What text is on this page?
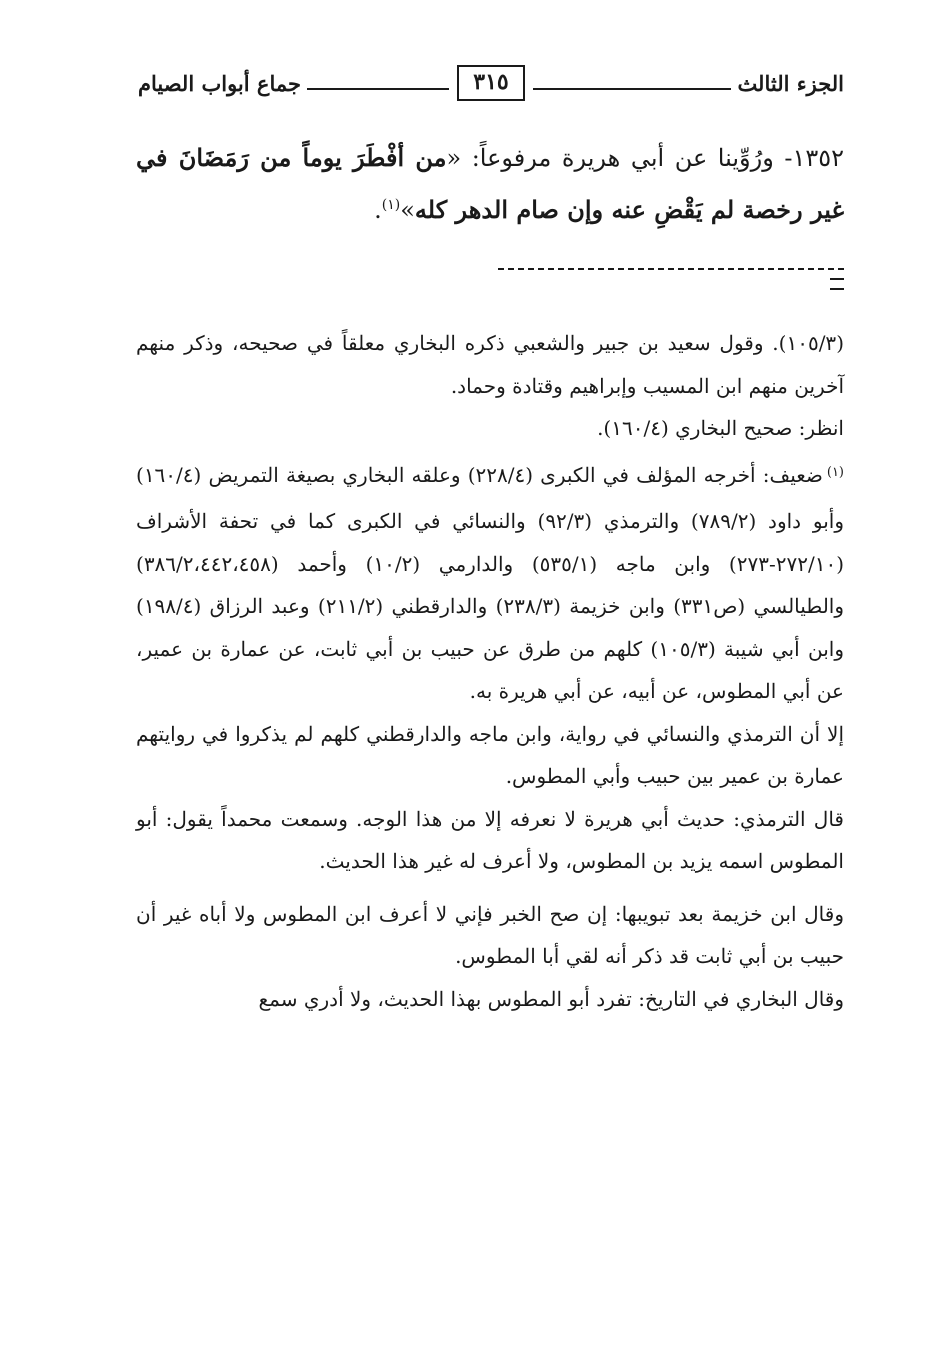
الجزء الثالث
٣١٥
جماع أبواب الصيام
١٣٥٢- ورُوِّينا عن أبي هريرة مرفوعاً: «من أفْطَرَ يوماً من رَمَضَانَ في غير رخصة لم يَقْضِ عنه وإن صام الدهر كله»$^{(١)}$.

(١٠٥/٣). وقول سعيد بن جبير والشعبي ذكره البخاري معلقاً في صحيحه، وذكر منهم آخرين منهم ابن المسيب وإبراهيم وقتادة وحماد.

انظر: صحيح البخاري (١٦٠/٤).

$^{(١)}$ضعيف: أخرجه المؤلف في الكبرى (٢٢٨/٤) وعلقه البخاري بصيغة التمريض (١٦٠/٤) وأبو داود (٧٨٩/٢) والترمذي (٩٢/٣) والنسائي في الكبرى كما في تحفة الأشراف (٢٧٢/١٠-٢٧٣) وابن ماجه (٥٣٥/١) والدارمي (١٠/٢) وأحمد (٣٨٦/٢،٤٤٢،٤٥٨) والطيالسي (ص٣٣١) وابن خزيمة (٢٣٨/٣) والدارقطني (٢١١/٢) وعبد الرزاق (١٩٨/٤) وابن أبي شيبة (١٠٥/٣) كلهم من طرق عن حبيب بن أبي ثابت، عن عمارة بن عمير، عن أبي المطوس، عن أبيه، عن أبي هريرة به.

إلا أن الترمذي والنسائي في رواية، وابن ماجه والدارقطني كلهم لم يذكروا في روايتهم عمارة بن عمير بين حبيب وأبي المطوس.

قال الترمذي: حديث أبي هريرة لا نعرفه إلا من هذا الوجه. وسمعت محمداً يقول: أبو المطوس اسمه يزيد بن المطوس، ولا أعرف له غير هذا الحديث.

وقال ابن خزيمة بعد تبويبها: إن صح الخبر فإني لا أعرف ابن المطوس ولا أباه غير أن حبيب بن أبي ثابت قد ذكر أنه لقي أبا المطوس.

وقال البخاري في التاريخ: تفرد أبو المطوس بهذا الحديث، ولا أدري سمع
